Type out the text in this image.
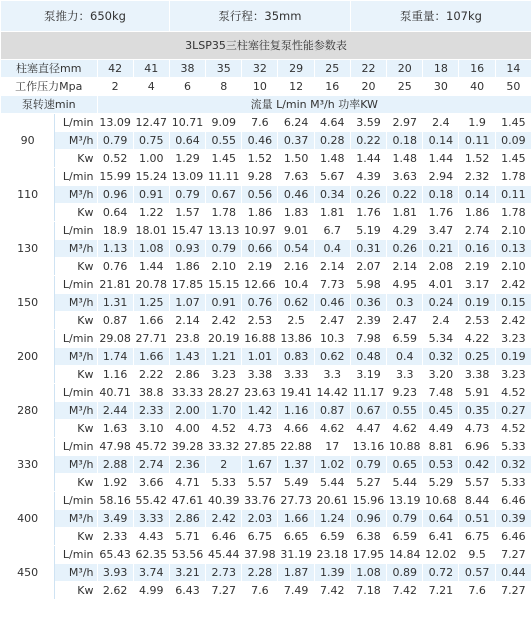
泵推力：650kg				泵行程：35mm					泵重量：107kg				
3LSP35三柱塞往复泵性能参数表													
柱塞直径mm		42	41	38	35	32	29	25	22	20	18	16	14
工作压力Mpa		2	4	6	8	10	12	16	20	25	30	40	50
泵转速min		流量 L/min M³/h 功率KW											
90	L/min	13.09	12.47	10.71	9.09	7.6	6.24	4.64	3.59	2.97	2.4	1.9	1.45
	M³/h	0.79	0.75	0.64	0.55	0.46	0.37	0.28	0.22	0.18	0.14	0.11	0.09
	Kw	0.52	1.00	1.29	1.45	1.52	1.50	1.48	1.44	1.48	1.44	1.52	1.45
110	L/min	15.99	15.24	13.09	11.11	9.28	7.63	5.67	4.39	3.63	2.94	2.32	1.78
	M³/h	0.96	0.91	0.79	0.67	0.56	0.46	0.34	0.26	0.22	0.18	0.14	0.11
	Kw	0.64	1.22	1.57	1.78	1.86	1.83	1.81	1.76	1.81	1.76	1.86	1.78
130	L/min	18.9	18.01	15.47	13.13	10.97	9.01	6.7	5.19	4.29	3.47	2.74	2.10
	M³/h	1.13	1.08	0.93	0.79	0.66	0.54	0.4	0.31	0.26	0.21	0.16	0.13
	Kw	0.76	1.44	1.86	2.10	2.19	2.16	2.14	2.07	2.14	2.08	2.19	2.10
150	L/min	21.81	20.78	17.85	15.15	12.66	10.4	7.73	5.98	4.95	4.01	3.17	2.42
	M³/h	1.31	1.25	1.07	0.91	0.76	0.62	0.46	0.36	0.3	0.24	0.19	0.15
	Kw	0.87	1.66	2.14	2.42	2.53	2.5	2.47	2.39	2.47	2.4	2.53	2.42
200	L/min	29.08	27.71	23.8	20.19	16.88	13.86	10.3	7.98	6.59	5.34	4.22	3.23
	M³/h	1.74	1.66	1.43	1.21	1.01	0.83	0.62	0.48	0.4	0.32	0.25	0.19
	Kw	1.16	2.22	2.86	3.23	3.38	3.33	3.3	3.19	3.3	3.20	3.38	3.23
280	L/min	40.71	38.8	33.33	28.27	23.63	19.41	14.42	11.17	9.23	7.48	5.91	4.52
	M³/h	2.44	2.33	2.00	1.70	1.42	1.16	0.87	0.67	0.55	0.45	0.35	0.27
	Kw	1.63	3.10	4.00	4.52	4.73	4.66	4.62	4.47	4.62	4.49	4.73	4.52
330	L/min	47.98	45.72	39.28	33.32	27.85	22.88	17	13.16	10.88	8.81	6.96	5.33
	M³/h	2.88	2.74	2.36	2	1.67	1.37	1.02	0.79	0.65	0.53	0.42	0.32
	Kw	1.92	3.66	4.71	5.33	5.57	5.49	5.44	5.27	5.44	5.29	5.57	5.33
400	L/min	58.16	55.42	47.61	40.39	33.76	27.73	20.61	15.96	13.19	10.68	8.44	6.46
	M³/h	3.49	3.33	2.86	2.42	2.03	1.66	1.24	0.96	0.79	0.64	0.51	0.39
	Kw	2.33	4.43	5.71	6.46	6.75	6.65	6.59	6.38	6.59	6.41	6.75	6.46
450	L/min	65.43	62.35	53.56	45.44	37.98	31.19	23.18	17.95	14.84	12.02	9.5	7.27
	M³/h	3.93	3.74	3.21	2.73	2.28	1.87	1.39	1.08	0.89	0.72	0.57	0.44
	Kw	2.62	4.99	6.43	7.27	7.6	7.49	7.42	7.18	7.42	7.21	7.6	7.27
